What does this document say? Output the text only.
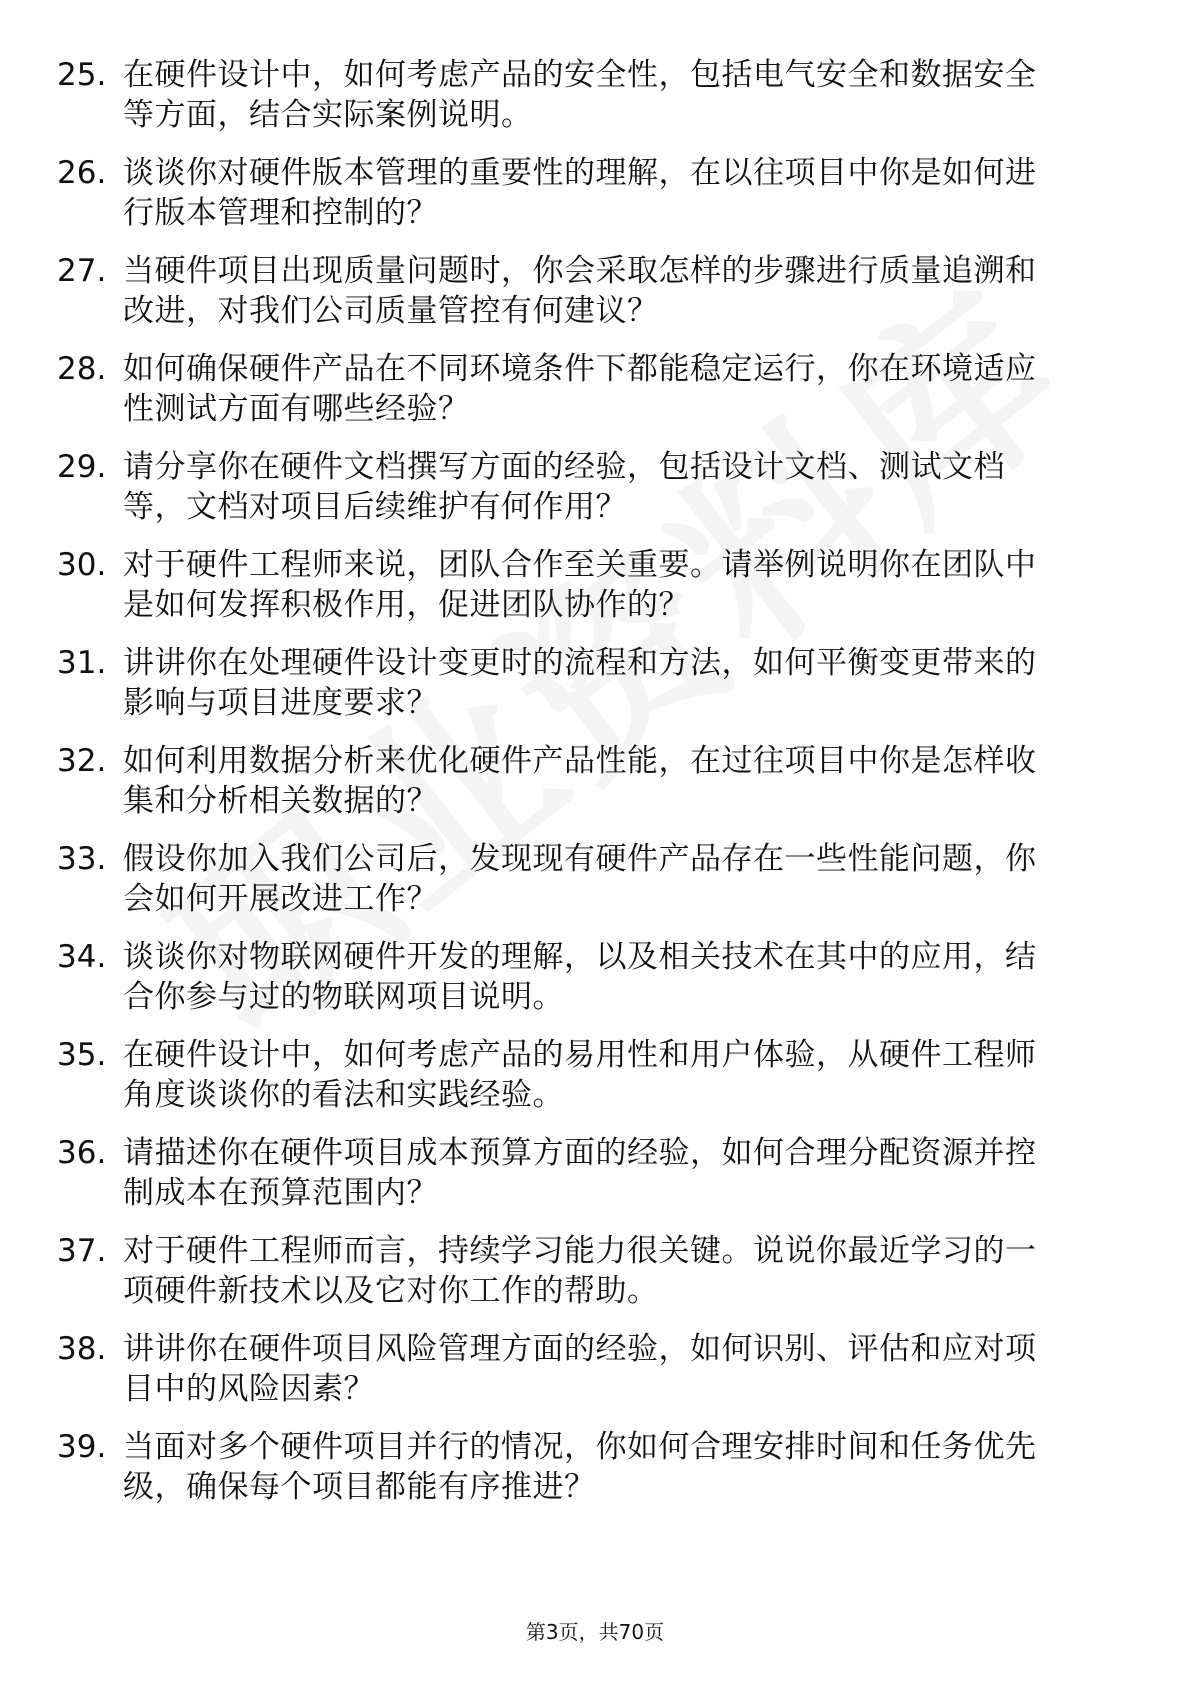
25. 在硬件设计中，如何考虑产品的安全性，包括电气安全和数据安全等方面，结合实际案例说明。
26. 谈谈你对硬件版本管理的重要性的理解，在以往项目中你是如何进行版本管理和控制的？
27. 当硬件项目出现质量问题时，你会采取怎样的步骤进行质量追溯和改进，对我们公司质量管控有何建议？
28. 如何确保硬件产品在不同环境条件下都能稳定运行，你在环境适应性测试方面有哪些经验？
29. 请分享你在硬件文档撰写方面的经验，包括设计文档、测试文档等，文档对项目后续维护有何作用？
30. 对于硬件工程师来说，团队合作至关重要。请举例说明你在团队中是如何发挥积极作用，促进团队协作的？
31. 讲讲你在处理硬件设计变更时的流程和方法，如何平衡变更带来的影响与项目进度要求？
32. 如何利用数据分析来优化硬件产品性能，在过往项目中你是怎样收集和分析相关数据的？
33. 假设你加入我们公司后，发现现有硬件产品存在一些性能问题，你会如何开展改进工作？
34. 谈谈你对物联网硬件开发的理解，以及相关技术在其中的应用，结合你参与过的物联网项目说明。
35. 在硬件设计中，如何考虑产品的易用性和用户体验，从硬件工程师角度谈谈你的看法和实践经验。
36. 请描述你在硬件项目成本预算方面的经验，如何合理分配资源并控制成本在预算范围内？
37. 对于硬件工程师而言，持续学习能力很关键。说说你最近学习的一项硬件新技术以及它对你工作的帮助。
38. 讲讲你在硬件项目风险管理方面的经验，如何识别、评估和应对项目中的风险因素？
39. 当面对多个硬件项目并行的情况，你如何合理安排时间和任务优先级，确保每个项目都能有序推进？
第3页，共70页
